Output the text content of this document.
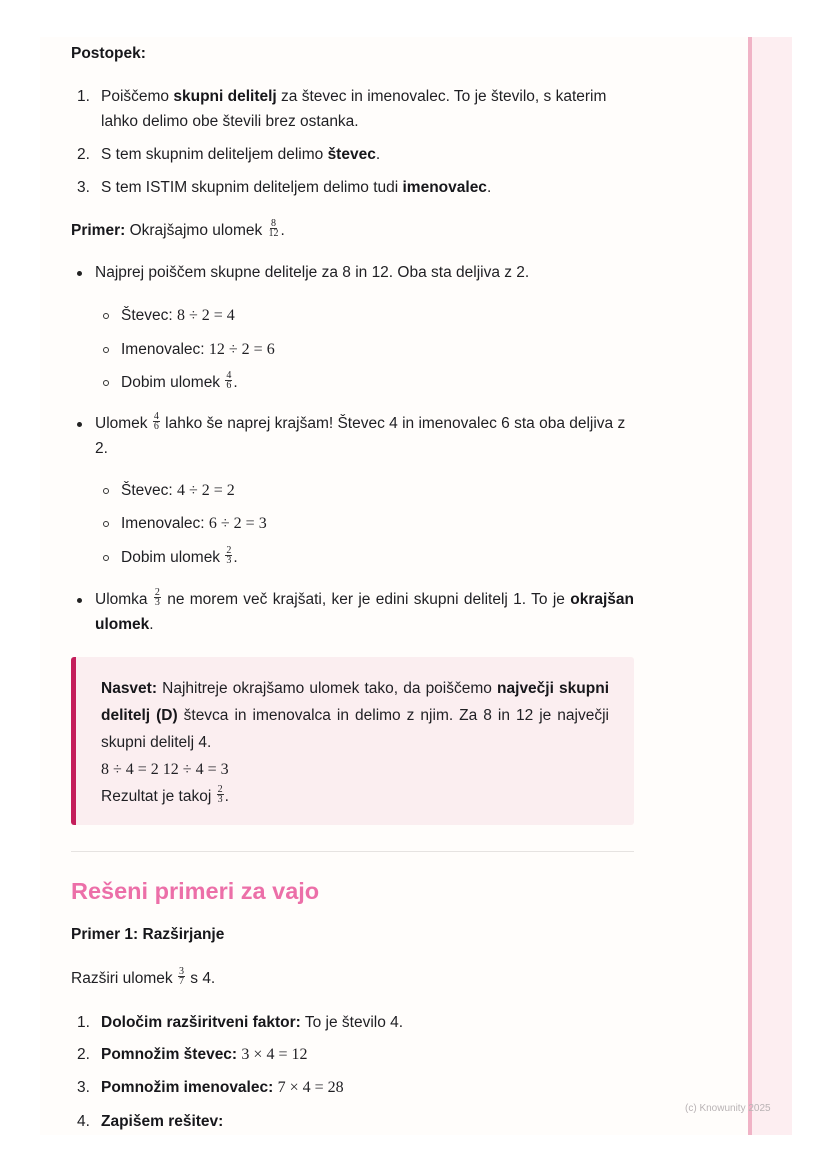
Postopek:

1. Poiščemo skupni delitelj za števec in imenovalec. To je število, s katerim lahko delimo obe števili brez ostanka.
2. S tem skupnim deliteljem delimo števec.
3. S tem ISTIM skupnim deliteljem delimo tudi imenovalec.

Primer: Okrajšajmo ulomek $\frac{8}{12}$ .

Najprej poiščem skupne delitelje za 8 in 12. Oba sta deljiva z 2.
Števec: 8 ÷ 2 = 4
Imenovalec: 12 ÷ 2 = 6
Dobim ulomek $\frac{4}{6}$ .
Ulomek $\frac{4}{6}$ lahko še naprej krajšam! Števec 4 in imenovalec 6 sta oba deljiva z 2.
Števec: 4 ÷ 2 = 2
Imenovalec: 6 ÷ 2 = 3
Dobim ulomek $\frac{2}{3}$ .
Ulomka $\frac{2}{3}$ ne morem več krajšati, ker je edini skupni delitelj 1. To je okrajšan ulomek.
Nasvet: Najhitreje okrajšamo ulomek tako, da poiščemo največji skupni delitelj (D) števca in imenovalca in delimo z njim. Za 8 in 12 je največji skupni delitelj 4.
8 ÷ 4 = 2 12 ÷ 4 = 3
Rezultat je takoj $\frac{2}{3}$ .
Rešeni primeri za vajo

Primer 1: Razširjanje

Razširi ulomek $\frac{3}{7}$ s 4.

1. Določim razširitveni faktor: To je število 4.
2. Pomnožim števec: 3 × 4 = 12
3. Pomnožim imenovalec: 7 × 4 = 28
4. Zapišem rešitev:
(c) Knowunity 2025
